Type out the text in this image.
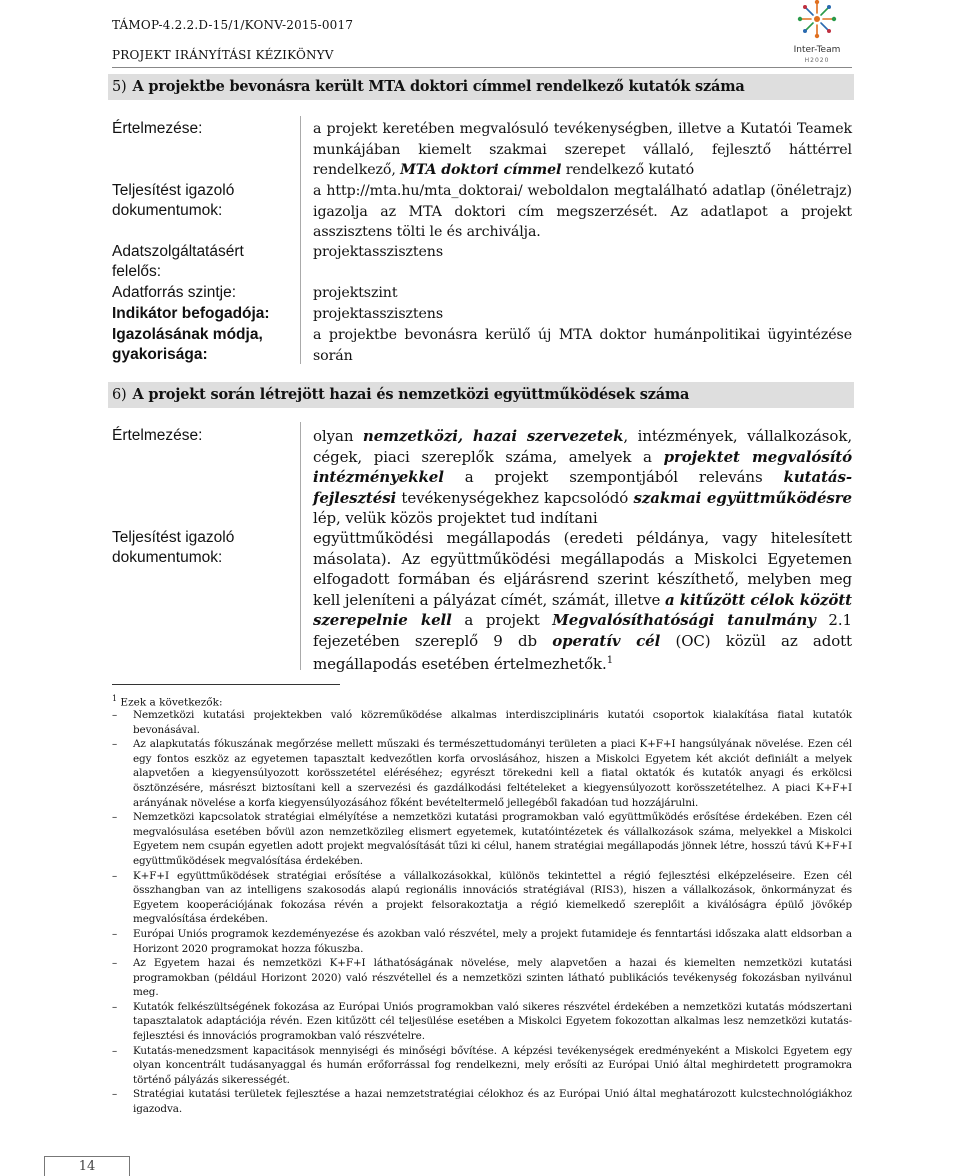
TÁMOP-4.2.2.D-15/1/KONV-2015-0017
PROJEKT IRÁNYÍTÁSI KÉZIKÖNYV	Inter-Team
H2020
5) A projektbe bevonásra került MTA doktori címmel rendelkező kutatók száma
Értelmezése:	a projekt keretében megvalósuló tevékenységben, illetve a Kutatói Teamek munkájában kiemelt szakmai szerepet vállaló, fejlesztő háttérrel rendelkező, MTA doktori címmel rendelkező kutató
Teljesítést igazoló dokumentumok:
a http://mta.hu/mta_doktorai/ weboldalon megtalálható adatlap (önéletrajz) igazolja az MTA doktori cím megszerzését. Az adatlapot a projekt asszisztens tölti le és archiválja.
Adatszolgáltatásért felelős:
projektasszisztens
Adatforrás szintje:	projektszint
Indikátor befogadója:	projektasszisztens
Igazolásának módja, gyakorisága:
a projektbe bevonásra kerülő új MTA doktor humánpolitikai ügyintézése során
6) A projekt során létrejött hazai és nemzetközi együttműködések száma
Értelmezése:	olyan nemzetközi, hazai szervezetek, intézmények, vállalkozások, cégek, piaci szereplők száma, amelyek a projektet megvalósító intézményekkel a projekt szempontjából releváns kutatás-fejlesztési tevékenységekhez kapcsolódó szakmai együttműködésre lép, velük közös projektet tud indítani
Teljesítést igazoló dokumentumok:
együttműködési megállapodás (eredeti példánya, vagy hitelesített másolata). Az együttműködési megállapodás a Miskolci Egyetemen elfogadott formában és eljárásrend szerint készíthető, melyben meg kell jeleníteni a pályázat címét, számát, illetve a kitűzött célok között szerepelnie kell a projekt Megvalósíthatósági tanulmány 2.1 fejezetében szereplő 9 db operatív cél (OC) közül az adott megállapodás esetében értelmezhetők.$^1$
$^1$ Ezek a következők:
– Nemzetközi kutatási projektekben való közreműködése alkalmas interdiszciplináris kutatói csoportok kialakítása fiatal kutatók bevonásával.
– Az alapkutatás fókuszának megőrzése mellett műszaki és természettudományi területen a piaci K+F+I hangsúlyának növelése. Ezen cél egy fontos eszköz az egyetemen tapasztalt kedvezőtlen korfa orvoslásához, hiszen a Miskolci Egyetem két akciót definiált a melyek alapvetően a kiegyensúlyozott korösszetétel eléréséhez; egyrészt törekedni kell a fiatal oktatók és kutatók anyagi és erkölcsi ösztönzésére, másrészt biztosítani kell a szervezési és gazdálkodási feltételeket a kiegyensúlyozott korösszetételhez. A piaci K+F+I arányának növelése a korfa kiegyensúlyozásához főként bevételtermelő jellegéből fakadóan tud hozzájárulni.
– Nemzetközi kapcsolatok stratégiai elmélyítése a nemzetközi kutatási programokban való együttműködés erősítése érdekében. Ezen cél megvalósulása esetében bővül azon nemzetközileg elismert egyetemek, kutatóintézetek és vállalkozások száma, melyekkel a Miskolci Egyetem nem csupán egyetlen adott projekt megvalósítását tűzi ki célul, hanem stratégiai megállapodás jönnek létre, hosszú távú K+F+I együttműködések megvalósítása érdekében.
– K+F+I együttműködések stratégiai erősítése a vállalkozásokkal, különös tekintettel a régió fejlesztési elképzeléseire. Ezen cél összhangban van az intelligens szakosodás alapú regionális innovációs stratégiával (RIS3), hiszen a vállalkozások, önkormányzat és Egyetem kooperációjának fokozása révén a projekt felsorakoztatja a régió kiemelkedő szereplőit a kiválóságra épülő jövőkép megvalósítása érdekében.
– Európai Uniós programok kezdeményezése és azokban való részvétel, mely a projekt futamideje és fenntartási időszaka alatt eldsorban a Horizont 2020 programokat hozza fókuszba.
– Az Egyetem hazai és nemzetközi K+F+I láthatóságának növelése, mely alapvetően a hazai és kiemelten nemzetközi kutatási programokban (például Horizont 2020) való részvétellel és a nemzetközi szinten látható publikációs tevékenység fokozásban nyilvánul meg.
– Kutatók felkészültségének fokozása az Európai Uniós programokban való sikeres részvétel érdekében a nemzetközi kutatás módszertani tapasztalatok adaptációja révén. Ezen kitűzött cél teljesülése esetében a Miskolci Egyetem fokozottan alkalmas lesz nemzetközi kutatás-fejlesztési és innovációs programokban való részvételre.
– Kutatás-menedzsment kapacitások mennyiségi és minőségi bővítése. A képzési tevékenységek eredményeként a Miskolci Egyetem egy olyan koncentrált tudásanyaggal és humán erőforrással fog rendelkezni, mely erősíti az Európai Unió által meghirdetett programokra történő pályázás sikerességét.
– Stratégiai kutatási területek fejlesztése a hazai nemzetstratégiai célokhoz és az Európai Unió által meghatározott kulcstechnológiákhoz igazodva.
14
